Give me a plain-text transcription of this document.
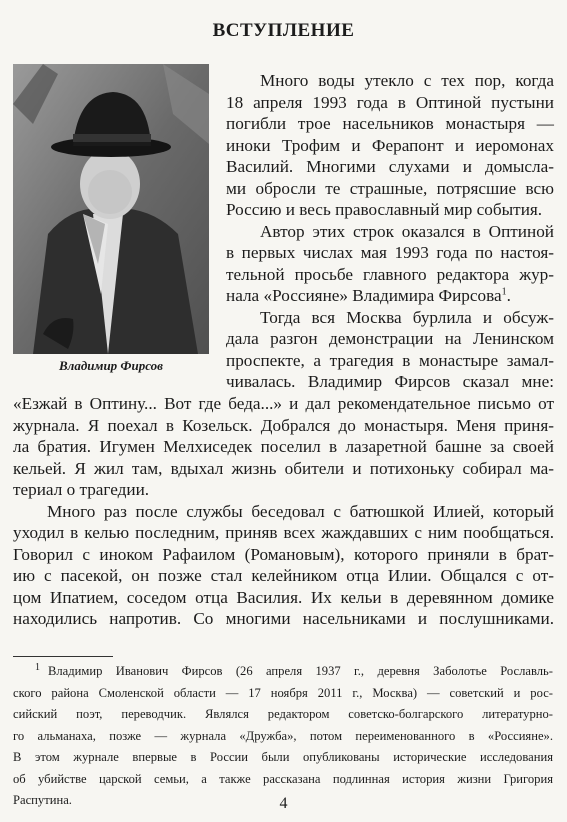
ВСТУПЛЕНИЕ
Владимир Фирсов
Много воды утекло с тех пор, когда
18 апреля 1993 года в Оптиной пустыни
погибли трое насельников монастыря —
иноки Трофим и Ферапонт и иеромонах
Василий. Многими слухами и домысла-
ми обросли те страшные, потрясшие всю
Россию и весь православный мир события.
Автор этих строк оказался в Оптиной
в первых числах мая 1993 года по настоя-
тельной просьбе главного редактора жур-
нала «Россияне» Владимира Фирсова$^1$.
Тогда вся Москва бурлила и обсуж-
дала разгон демонстрации на Ленинском
проспекте, а трагедия в монастыре замал-
чивалась. Владимир Фирсов сказал мне:
«Езжай в Оптину... Вот где беда...» и дал рекомендательное письмо от
журнала. Я поехал в Козельск. Добрался до монастыря. Меня приня-
ла братия. Игумен Мелхиседек поселил в лазаретной башне за своей
кельей. Я жил там, вдыхал жизнь обители и потихоньку собирал ма-
териал о трагедии.
Много раз после службы беседовал с батюшкой Илией, который
уходил в келью последним, приняв всех жаждавших с ним пообщаться.
Говорил с иноком Рафаилом (Романовым), которого приняли в брат-
ию с пасекой, он позже стал келейником отца Илии. Общался с от-
цом Ипатием, соседом отца Василия. Их кельи в деревянном домике
находились напротив. Со многими насельниками и послушниками.
$^1$ Владимир Иванович Фирсов (26 апреля 1937 г., деревня Заболотье Рославль-
ского района Смоленской области — 17 ноября 2011 г., Москва) — советский и рос-
сийский поэт, переводчик. Являлся редактором советско-болгарского литературно-
го альманаха, позже — журнала «Дружба», потом переименованного в «Россияне».
В этом журнале впервые в России были опубликованы исторические исследования
об убийстве царской семьи, а также рассказана подлинная история жизни Григория
Распутина.	4
